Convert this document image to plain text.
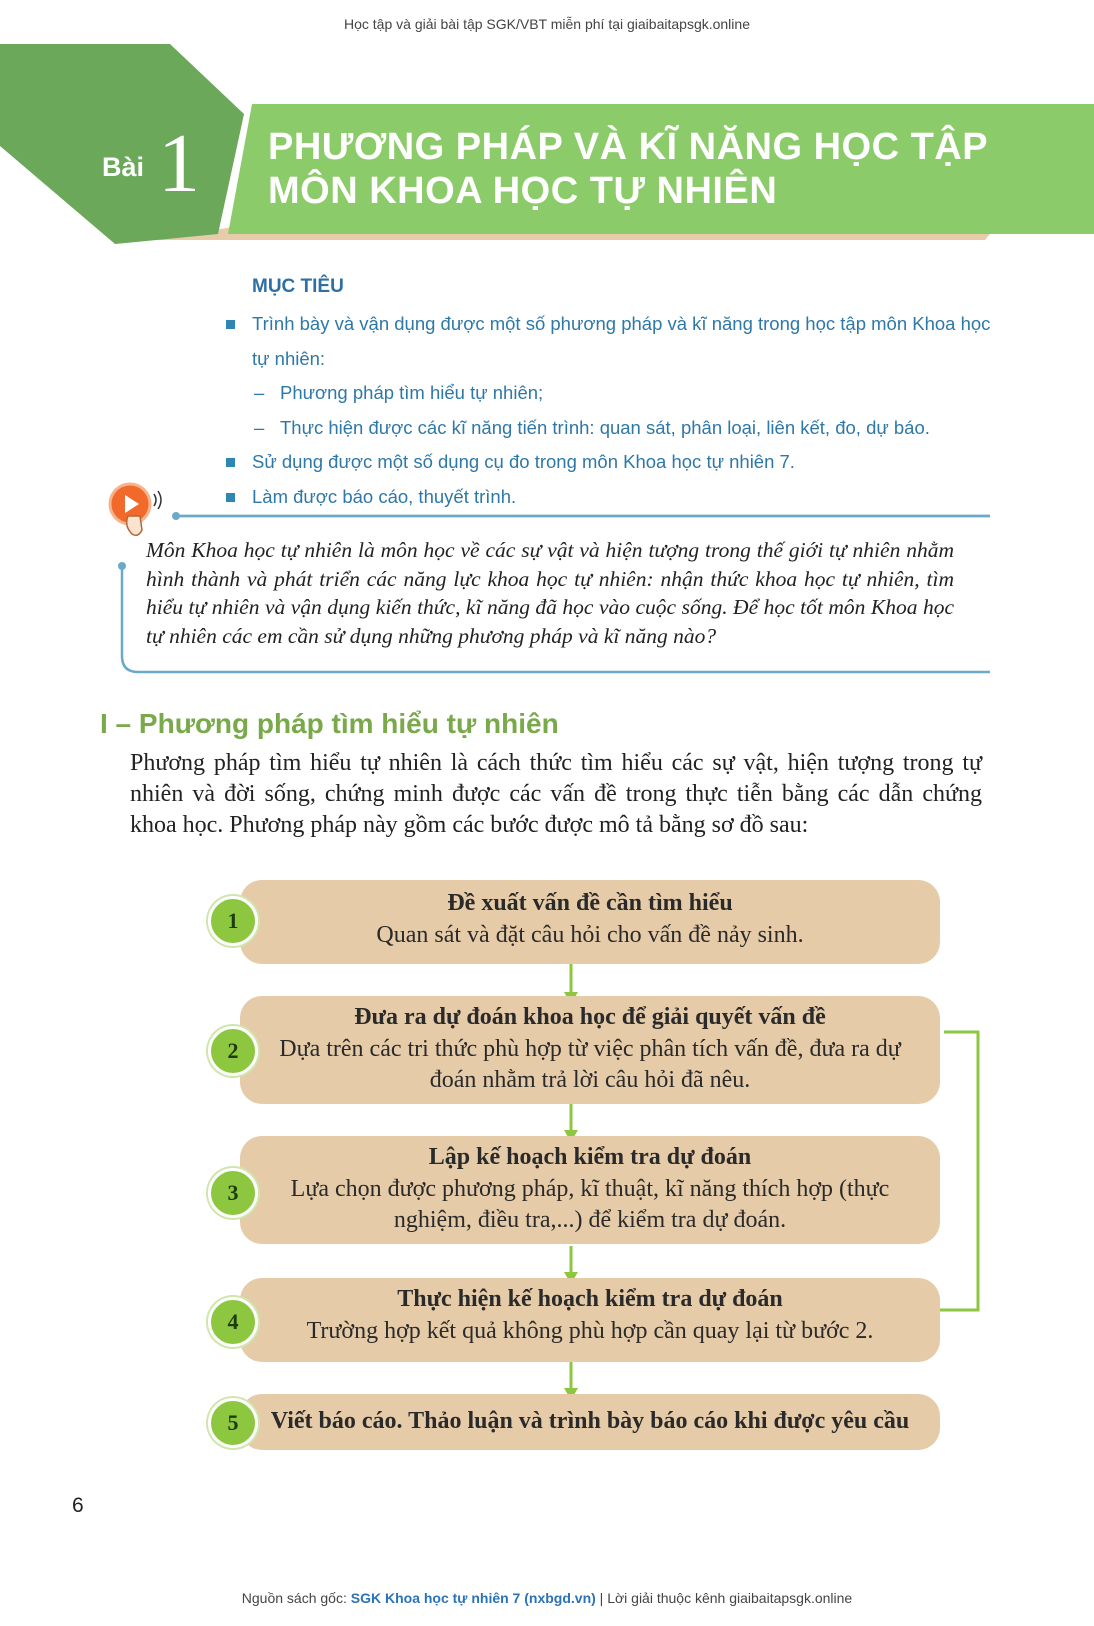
Học tập và giải bài tập SGK/VBT miễn phí tại giaibaitapsgk.online
Bài 1 PHƯƠNG PHÁP VÀ KĨ NĂNG HỌC TẬP
MÔN KHOA HỌC TỰ NHIÊN
MỤC TIÊU
Trình bày và vận dụng được một số phương pháp và kĩ năng trong học tập môn Khoa học tự nhiên:
– Phương pháp tìm hiểu tự nhiên;
– Thực hiện được các kĩ năng tiến trình: quan sát, phân loại, liên kết, đo, dự báo.
Sử dụng được một số dụng cụ đo trong môn Khoa học tự nhiên 7.
Làm được báo cáo, thuyết trình.
Môn Khoa học tự nhiên là môn học về các sự vật và hiện tượng trong thế giới tự nhiên nhằm hình thành và phát triển các năng lực khoa học tự nhiên: nhận thức khoa học tự nhiên, tìm hiểu tự nhiên và vận dụng kiến thức, kĩ năng đã học vào cuộc sống. Để học tốt môn Khoa học tự nhiên các em cần sử dụng những phương pháp và kĩ năng nào?
I – Phương pháp tìm hiểu tự nhiên
Phương pháp tìm hiểu tự nhiên là cách thức tìm hiểu các sự vật, hiện tượng trong tự nhiên và đời sống, chứng minh được các vấn đề trong thực tiễn bằng các dẫn chứng khoa học. Phương pháp này gồm các bước được mô tả bằng sơ đồ sau:
Đề xuất vấn đề cần tìm hiểu
Quan sát và đặt câu hỏi cho vấn đề nảy sinh.
1
Đưa ra dự đoán khoa học để giải quyết vấn đề
Dựa trên các tri thức phù hợp từ việc phân tích vấn đề, đưa ra dự đoán nhằm trả lời câu hỏi đã nêu.
2
Lập kế hoạch kiểm tra dự đoán
Lựa chọn được phương pháp, kĩ thuật, kĩ năng thích hợp (thực nghiệm, điều tra,...) để kiểm tra dự đoán.
3
Thực hiện kế hoạch kiểm tra dự đoán
Trường hợp kết quả không phù hợp cần quay lại từ bước 2.
4
Viết báo cáo. Thảo luận và trình bày báo cáo khi được yêu cầu
5
6
Nguồn sách gốc: SGK Khoa học tự nhiên 7 (nxbgd.vn) | Lời giải thuộc kênh giaibaitapsgk.online
